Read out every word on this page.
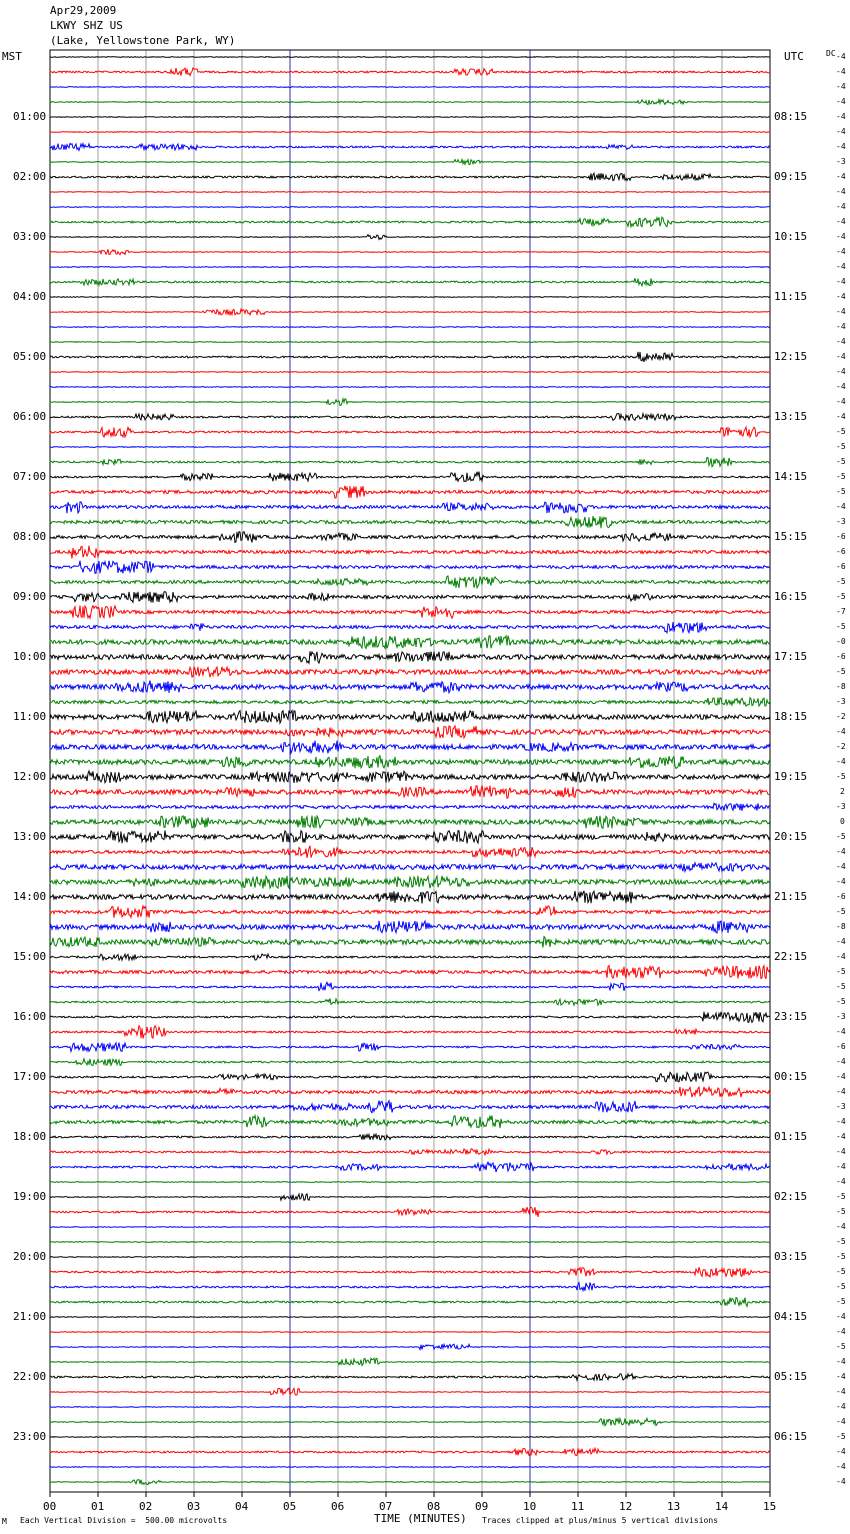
Apr29,2009
LKWY SHZ US
(Lake, Yellowstone Park, WY)
MST	UTC	DC
01:00
02:00
03:00
04:00
05:00
06:00
07:00
08:00
09:00
10:00
11:00
12:00
13:00
14:00
15:00
16:00
17:00
18:00
19:00
20:00
21:00
22:00
23:00
08:15
09:15
10:15
11:15
12:15
13:15
14:15
15:15
16:15
17:15
18:15
19:15
20:15
21:15
22:15
23:15
00:15
01:15
02:15
03:15
04:15
05:15
06:15
-4
-4
-4
-4
-4
-4
-4
-3
-4
-4
-4
-4
-4
-4
-4
-4
-4
-4
-4
-4
-4
-4
-4
-4
-4
-5
-5
-5
-5
-5
-4
-3
-6
-6
-6
-5
-5
-7
-5
-0
-6
-5
-8
-3
-2
-4
-2
-4
-5
2
-3
0
-5
-4
-4
-4
-6
-5
-8
-4
-4
-5
-5
-5
-3
-4
-6
-4
-4
-4
-3
-4
-4
-4
-4
-4
-5
-5
-4
-5
-5
-5
-5
-5
-4
-4
-5
-4
-4
-4
-4
-4
-5
-4
-4
-4
00	01	02	03	04	05	06	07	08	09	10	11	12	13	14	15
TIME (MINUTES)
M Each Vertical Division =  500.00 microvolts	Traces clipped at plus/minus 5 vertical divisions
